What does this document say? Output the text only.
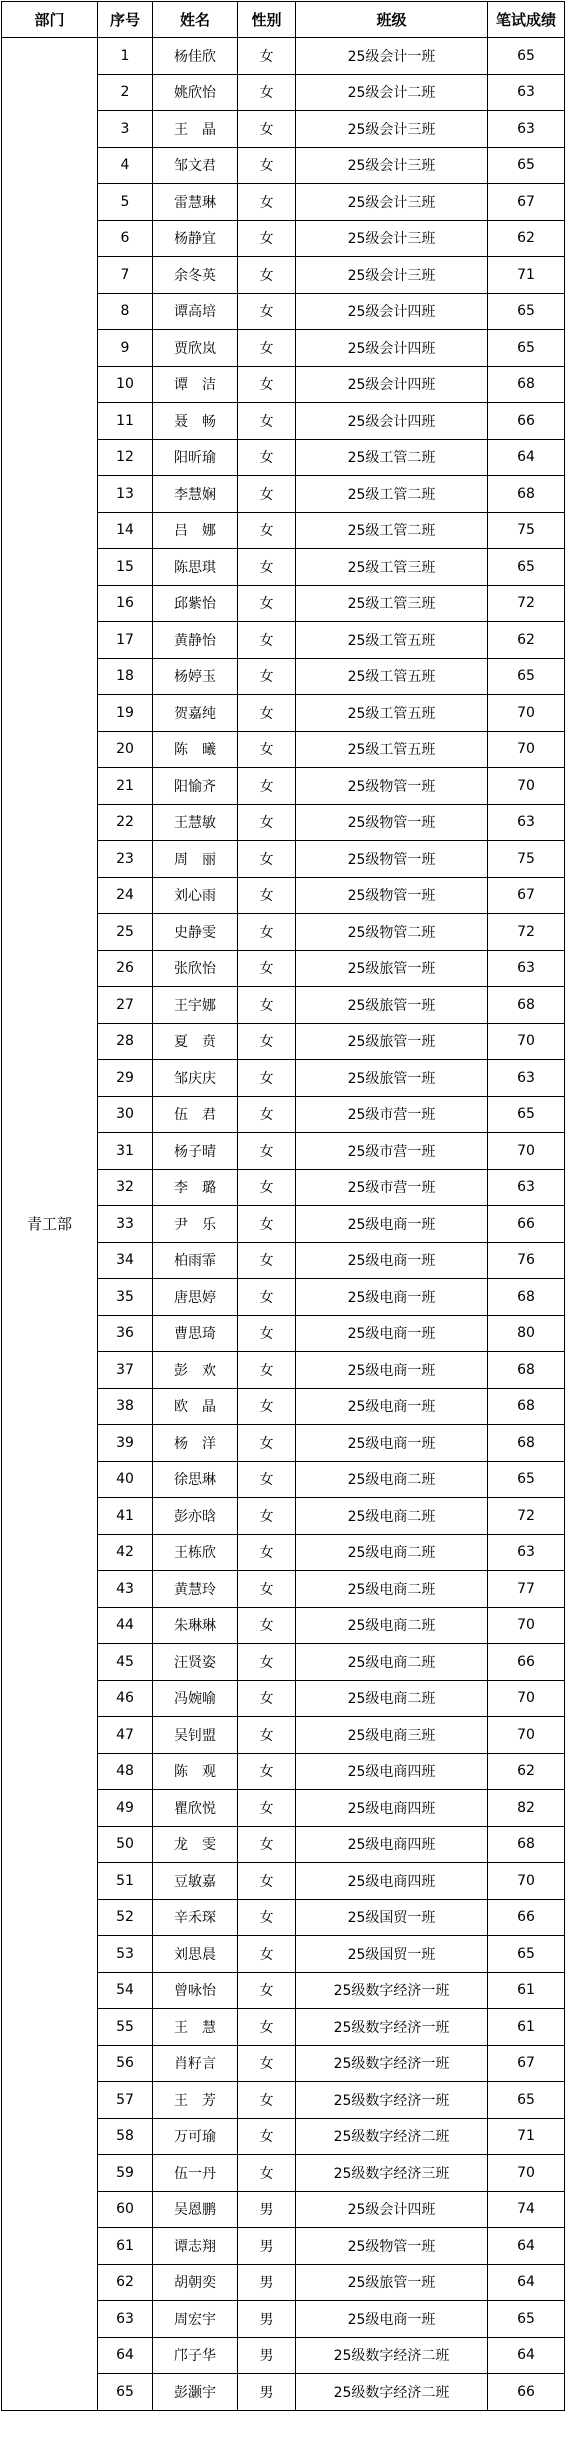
部门	序号	姓名	性别	班级	笔试成绩
青工部	1	杨佳欣	女	25级会计一班	65
	2	姚欣怡	女	25级会计二班	63
	3	王　晶	女	25级会计三班	63
	4	邹文君	女	25级会计三班	65
	5	雷慧琳	女	25级会计三班	67
	6	杨静宜	女	25级会计三班	62
	7	余冬英	女	25级会计三班	71
	8	谭高培	女	25级会计四班	65
	9	贾欣岚	女	25级会计四班	65
	10	谭　洁	女	25级会计四班	68
	11	聂　畅	女	25级会计四班	66
	12	阳昕瑜	女	25级工管二班	64
	13	李慧娴	女	25级工管二班	68
	14	吕　娜	女	25级工管二班	75
	15	陈思琪	女	25级工管三班	65
	16	邱紫怡	女	25级工管三班	72
	17	黄静怡	女	25级工管五班	62
	18	杨婷玉	女	25级工管五班	65
	19	贺嘉纯	女	25级工管五班	70
	20	陈　曦	女	25级工管五班	70
	21	阳愉齐	女	25级物管一班	70
	22	王慧敏	女	25级物管一班	63
	23	周　丽	女	25级物管一班	75
	24	刘心雨	女	25级物管一班	67
	25	史静雯	女	25级物管二班	72
	26	张欣怡	女	25级旅管一班	63
	27	王宇娜	女	25级旅管一班	68
	28	夏　贲	女	25级旅管一班	70
	29	邹庆庆	女	25级旅管一班	63
	30	伍　君	女	25级市营一班	65
	31	杨子晴	女	25级市营一班	70
	32	李　璐	女	25级市营一班	63
	33	尹　乐	女	25级电商一班	66
	34	柏雨霏	女	25级电商一班	76
	35	唐思婷	女	25级电商一班	68
	36	曹思琦	女	25级电商一班	80
	37	彭　欢	女	25级电商一班	68
	38	欧　晶	女	25级电商一班	68
	39	杨　洋	女	25级电商一班	68
	40	徐思琳	女	25级电商二班	65
	41	彭亦晗	女	25级电商二班	72
	42	王栋欣	女	25级电商二班	63
	43	黄慧玲	女	25级电商二班	77
	44	朱琳琳	女	25级电商二班	70
	45	汪贤姿	女	25级电商二班	66
	46	冯婉喻	女	25级电商二班	70
	47	吴钊盟	女	25级电商三班	70
	48	陈　观	女	25级电商四班	62
	49	瞿欣悦	女	25级电商四班	82
	50	龙　雯	女	25级电商四班	68
	51	豆敏嘉	女	25级电商四班	70
	52	辛禾琛	女	25级国贸一班	66
	53	刘思晨	女	25级国贸一班	65
	54	曾咏怡	女	25级数字经济一班	61
	55	王　慧	女	25级数字经济一班	61
	56	肖籽言	女	25级数字经济一班	67
	57	王　芳	女	25级数字经济一班	65
	58	万可瑜	女	25级数字经济二班	71
	59	伍一丹	女	25级数字经济三班	70
	60	吴恩鹏	男	25级会计四班	74
	61	谭志翔	男	25级物管一班	64
	62	胡朝奕	男	25级旅管一班	64
	63	周宏宇	男	25级电商一班	65
	64	邝子华	男	25级数字经济二班	64
	65	彭灏宇	男	25级数字经济二班	66
